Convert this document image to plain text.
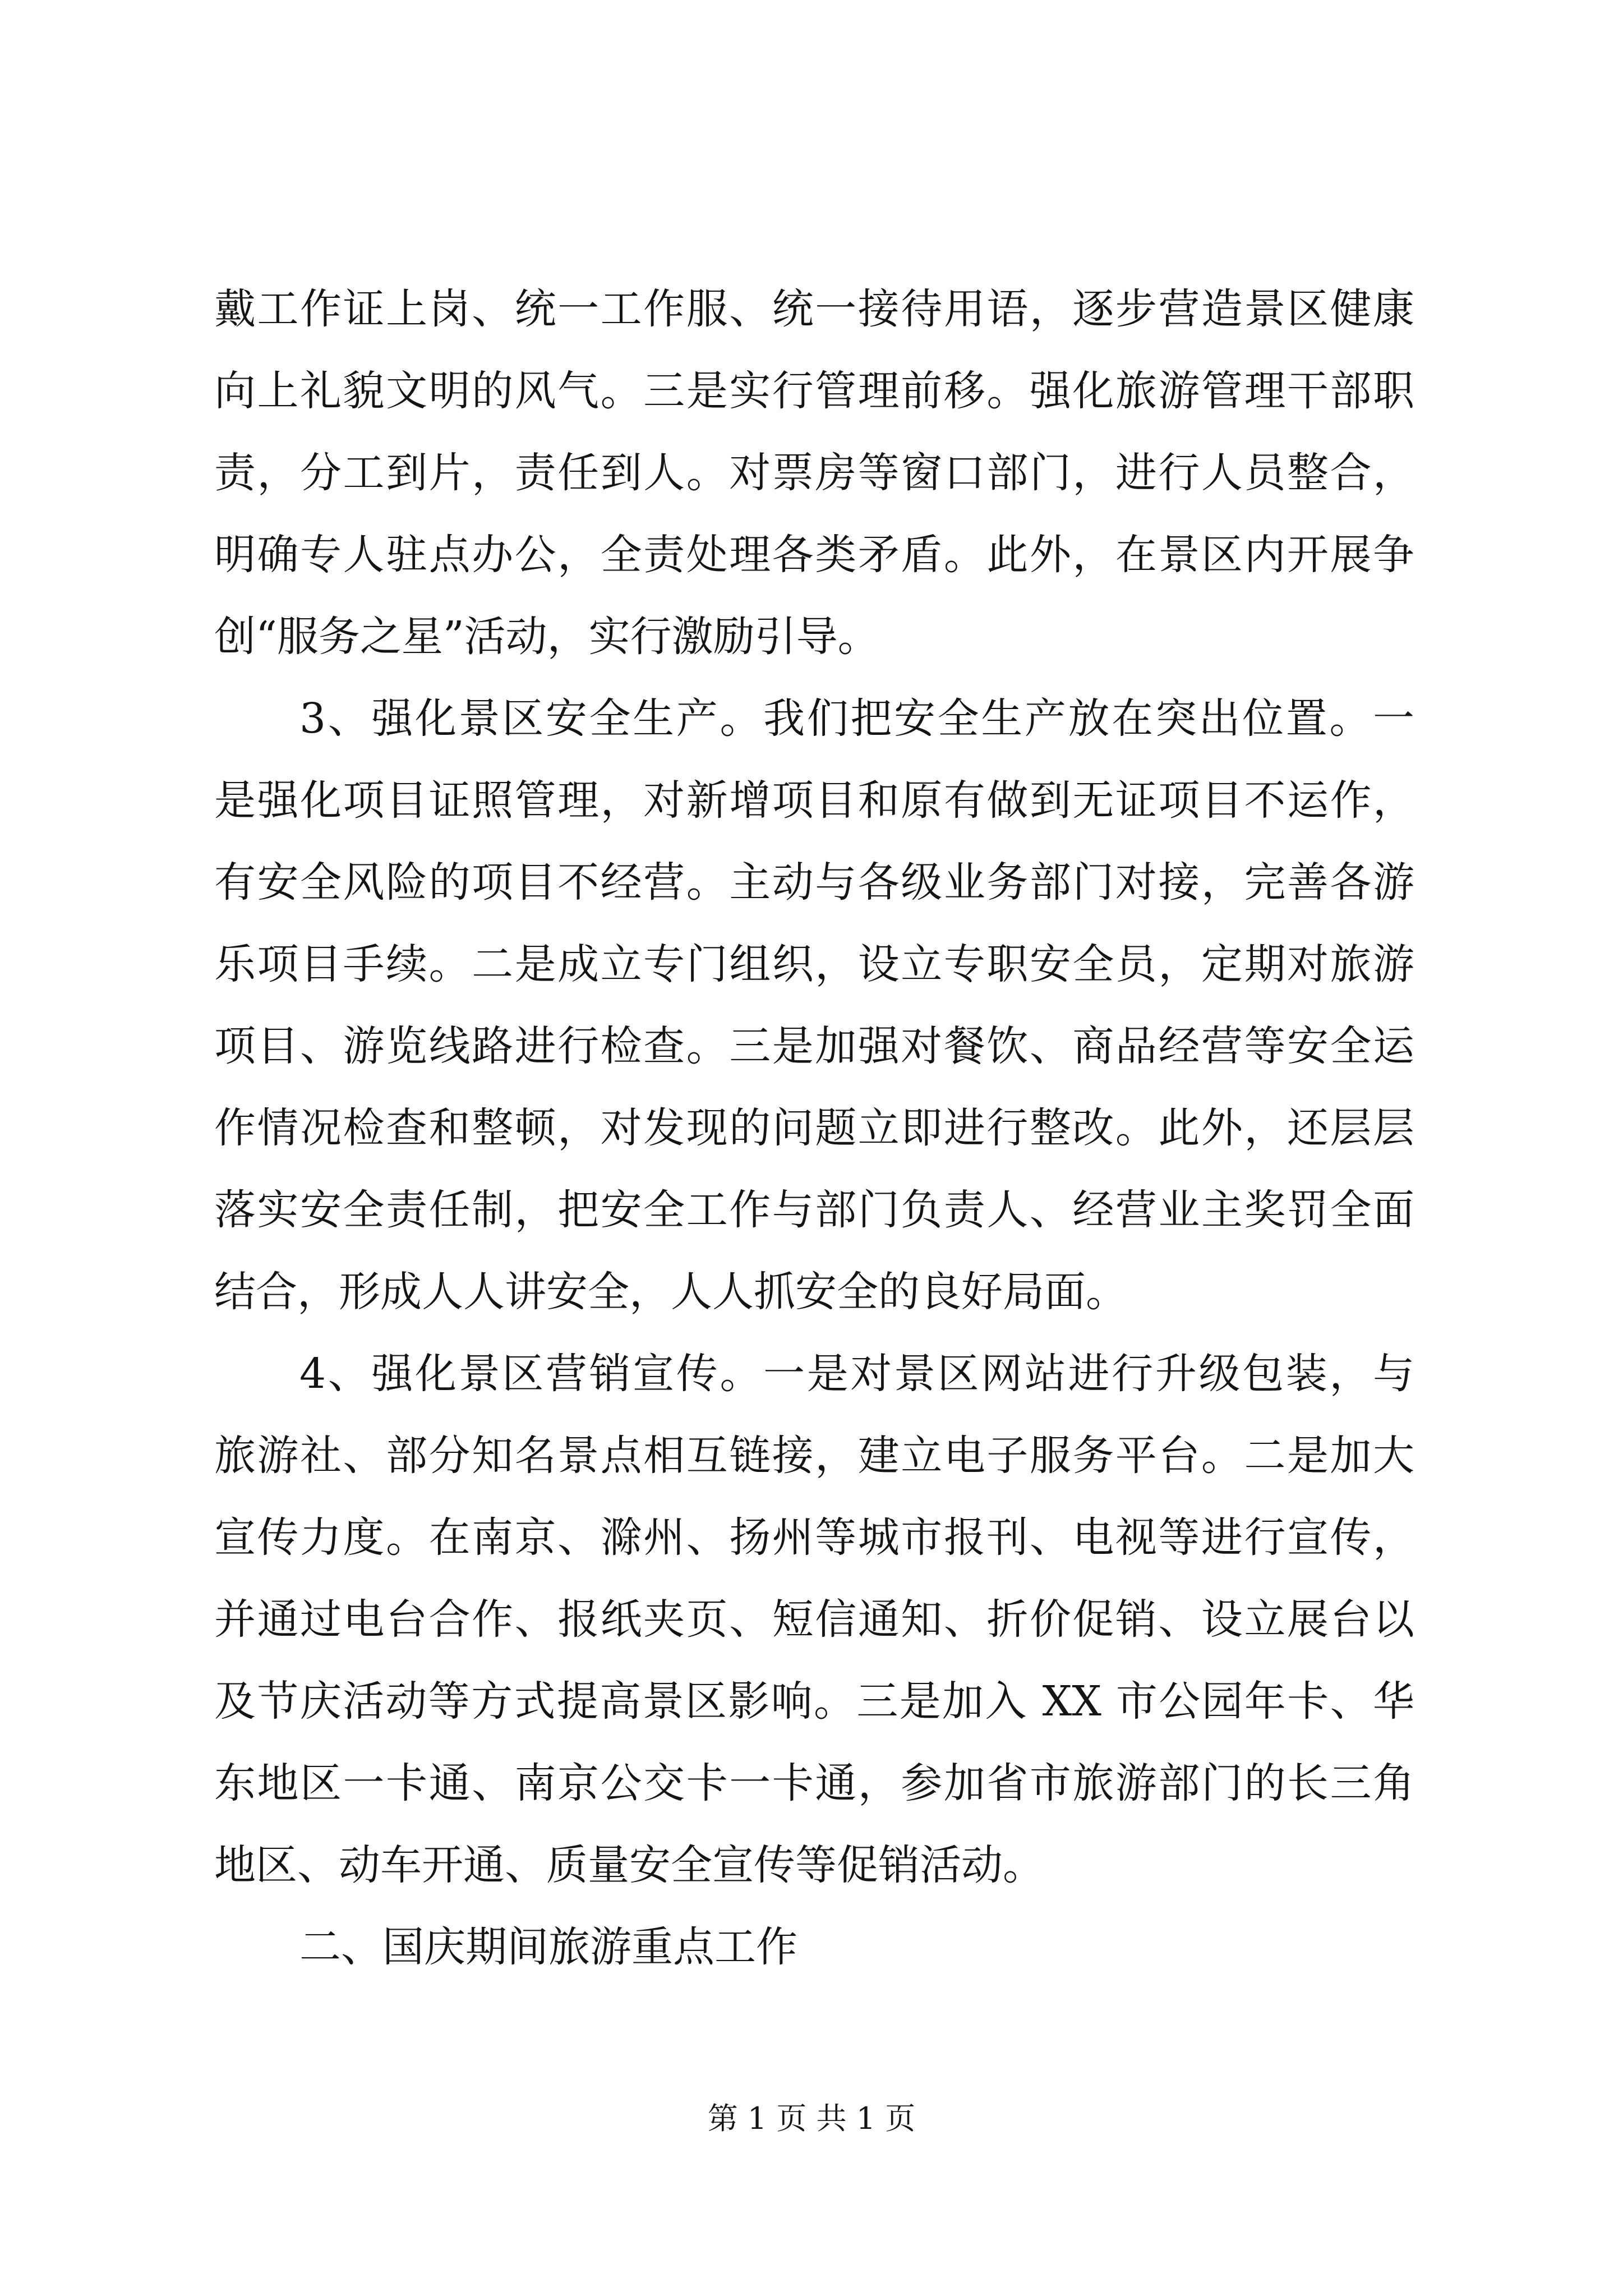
戴工作证上岗、统一工作服、统一接待用语，逐步营造景区健康
向上礼貌文明的风气。三是实行管理前移。强化旅游管理干部职
责，分工到片，责任到人。对票房等窗口部门，进行人员整合，
明确专人驻点办公，全责处理各类矛盾。此外，在景区内开展争
创“服务之星”活动，实行激励引导。
3、强化景区安全生产。我们把安全生产放在突出位置。一
是强化项目证照管理，对新增项目和原有做到无证项目不运作，
有安全风险的项目不经营。主动与各级业务部门对接，完善各游
乐项目手续。二是成立专门组织，设立专职安全员，定期对旅游
项目、游览线路进行检查。三是加强对餐饮、商品经营等安全运
作情况检查和整顿，对发现的问题立即进行整改。此外，还层层
落实安全责任制，把安全工作与部门负责人、经营业主奖罚全面
结合，形成人人讲安全，人人抓安全的良好局面。
4、强化景区营销宣传。一是对景区网站进行升级包装，与
旅游社、部分知名景点相互链接，建立电子服务平台。二是加大
宣传力度。在南京、滁州、扬州等城市报刊、电视等进行宣传，
并通过电台合作、报纸夹页、短信通知、折价促销、设立展台以
及节庆活动等方式提高景区影响。三是加入 XX 市公园年卡、华
东地区一卡通、南京公交卡一卡通，参加省市旅游部门的长三角
地区、动车开通、质量安全宣传等促销活动。
二、国庆期间旅游重点工作
第 1 页 共 1 页
